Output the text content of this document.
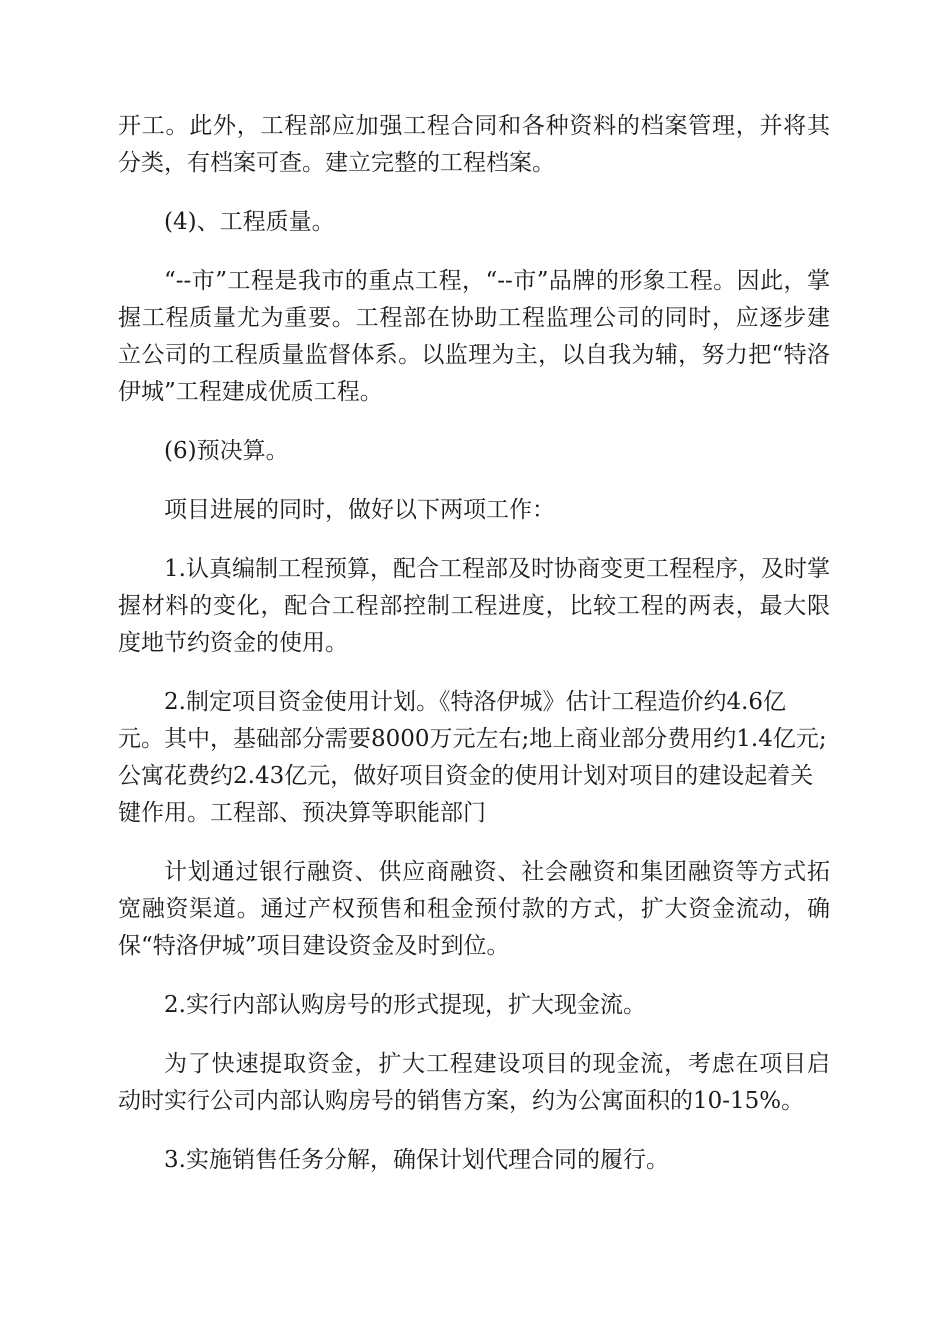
开工。此外，工程部应加强工程合同和各种资料的档案管理，并将其分类，有档案可查。建立完整的工程档案。

(4)、工程质量。

“--市”工程是我市的重点工程，“--市”品牌的形象工程。因此，掌握工程质量尤为重要。工程部在协助工程监理公司的同时，应逐步建立公司的工程质量监督体系。以监理为主，以自我为辅，努力把“特洛伊城”工程建成优质工程。

(6)预决算。

项目进展的同时，做好以下两项工作：

1.认真编制工程预算，配合工程部及时协商变更工程程序，及时掌握材料的变化，配合工程部控制工程进度，比较工程的两表，最大限度地节约资金的使用。

2.制定项目资金使用计划。《特洛伊城》估计工程造价约4.6亿元。其中，基础部分需要8000万元左右;地上商业部分费用约1.4亿元;公寓花费约2.43亿元，做好项目资金的使用计划对项目的建设起着关键作用。工程部、预决算等职能部门

计划通过银行融资、供应商融资、社会融资和集团融资等方式拓宽融资渠道。通过产权预售和租金预付款的方式，扩大资金流动，确保“特洛伊城”项目建设资金及时到位。

2.实行内部认购房号的形式提现，扩大现金流。

为了快速提取资金，扩大工程建设项目的现金流，考虑在项目启动时实行公司内部认购房号的销售方案，约为公寓面积的10-15%。

3.实施销售任务分解，确保计划代理合同的履行。
